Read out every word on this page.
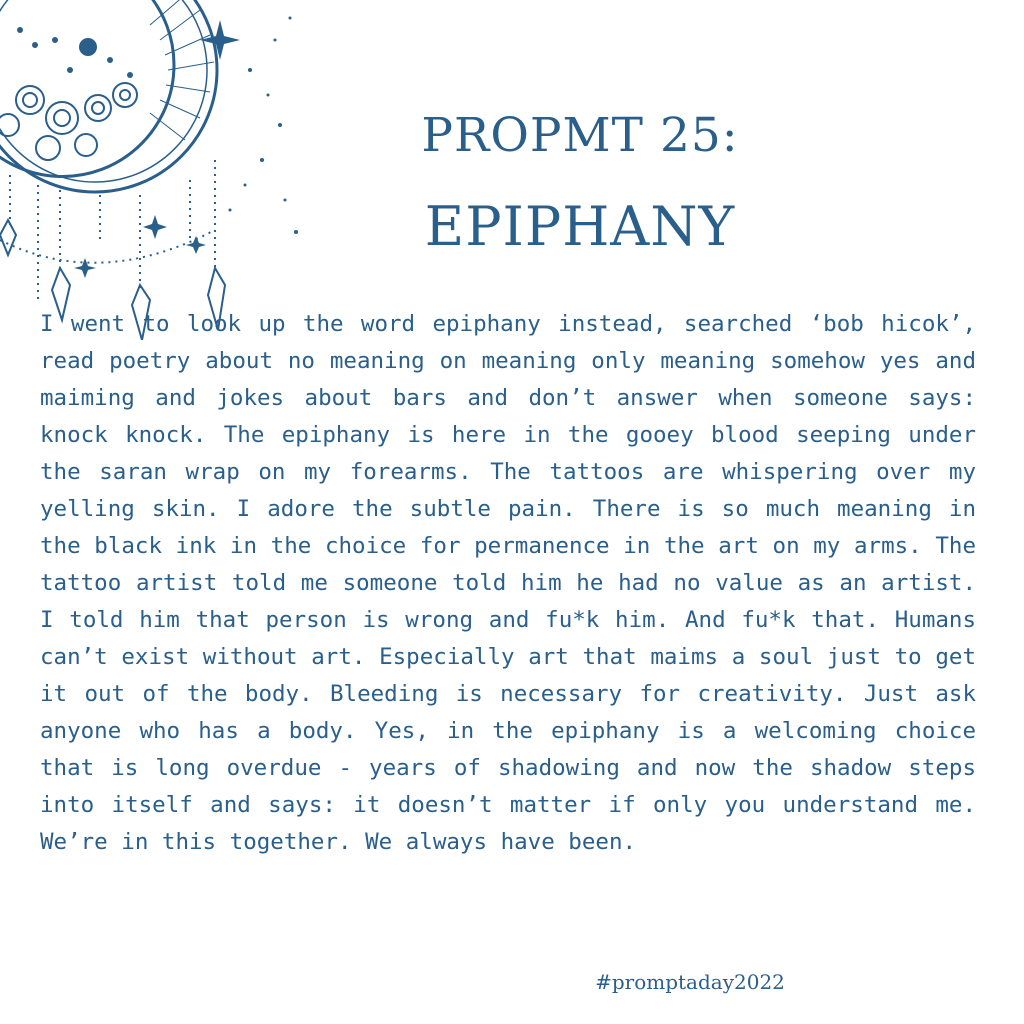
PROPMT 25:
EPIPHANY

I went to look up the word epiphany instead, searched ‘bob hicok’, read poetry about no meaning on meaning only meaning somehow yes and maiming and jokes about bars and don’t answer when someone says: knock knock. The epiphany is here in the gooey blood seeping under the saran wrap on my forearms. The tattoos are whispering over my yelling skin. I adore the subtle pain. There is so much meaning in the black ink in the choice for permanence in the art on my arms. The tattoo artist told me someone told him he had no value as an artist. I told him that person is wrong and fu*k him. And fu*k that. Humans can’t exist without art. Especially art that maims a soul just to get it out of the body. Bleeding is necessary for creativity. Just ask anyone who has a body. Yes, in the epiphany is a welcoming choice that is long overdue - years of shadowing and now the shadow steps into itself and says: it doesn’t matter if only you understand me. We’re in this together. We always have been.

#promptaday2022
